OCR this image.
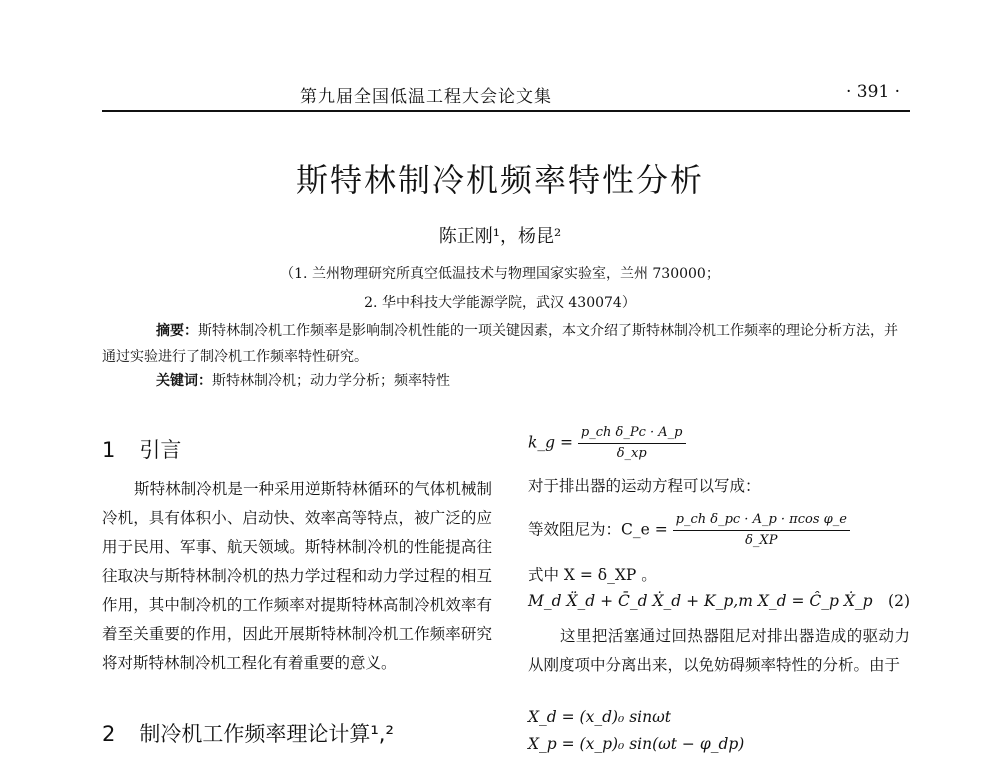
第九届全国低温工程大会论文集	· 391 ·
斯特林制冷机频率特性分析
陈正刚¹，杨昆²
（1. 兰州物理研究所真空低温技术与物理国家实验室，兰州 730000；
2. 华中科技大学能源学院，武汉 430074）
摘要：斯特林制冷机工作频率是影响制冷机性能的一项关键因素，本文介绍了斯特林制冷机工作频率的理论分析方法，并通过实验进行了制冷机工作频率特性研究。
关键词：斯特林制冷机；动力学分析；频率特性
1 引言
斯特林制冷机是一种采用逆斯特林循环的气体机械制冷机，具有体积小、启动快、效率高等特点，被广泛的应用于民用、军事、航天领域。斯特林制冷机的性能提高往往取决与斯特林制冷机的热力学过程和动力学过程的相互作用，其中制冷机的工作频率对提斯特林高制冷机效率有着至关重要的作用，因此开展斯特林制冷机工作频率研究将对斯特林制冷机工程化有着重要的意义。
2 制冷机工作频率理论计算¹,²
k_g = $\frac{\text{p\_ch δ\_Pc · A\_p}}{\delta\_xp}$
对于排出器的运动方程可以写成：
等效阻尼为：C_e = $\frac{\text{p\_ch δ\_pc · A\_p · πcos φ\_e}}{\delta\_XP}$
式中 X = δ_XP 。
M_d Ẍ_d + C̄_d Ẋ_d + K_p,m X_d = Ĉ_p Ẋ_p (2)
这里把活塞通过回热器阻尼对排出器造成的驱动力从刚度项中分离出来，以免妨碍频率特性的分析。由于
X_d = (x_d)₀ sinωt
X_p = (x_p)₀ sin(ωt − φ_dp)
